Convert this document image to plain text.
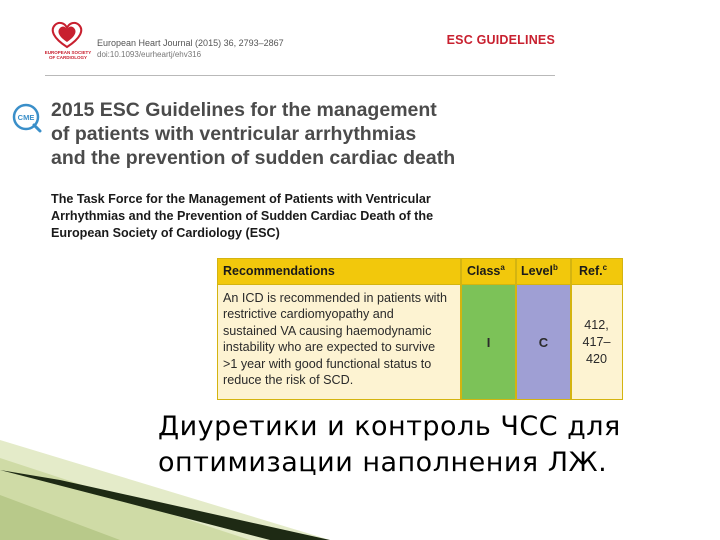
EUROPEAN SOCIETY OF CARDIOLOGY
European Heart Journal (2015) 36, 2793–2867
doi:10.1093/eurheartj/ehv316
ESC GUIDELINES
CME 2015 ESC Guidelines for the management
of patients with ventricular arrhythmias
and the prevention of sudden cardiac death
The Task Force for the Management of Patients with Ventricular
Arrhythmias and the Prevention of Sudden Cardiac Death of the
European Society of Cardiology (ESC)
Recommendations	Class$^a$ Level$^b$ Ref.$^c$
An ICD is recommended in patients with
restrictive cardiomyopathy and
sustained VA causing haemodynamic
instability who are expected to survive
>1 year with good functional status to
reduce the risk of SCD.
I	C
412,
417–
420
Диуретики и контроль ЧСС для
оптимизации наполнения ЛЖ.
